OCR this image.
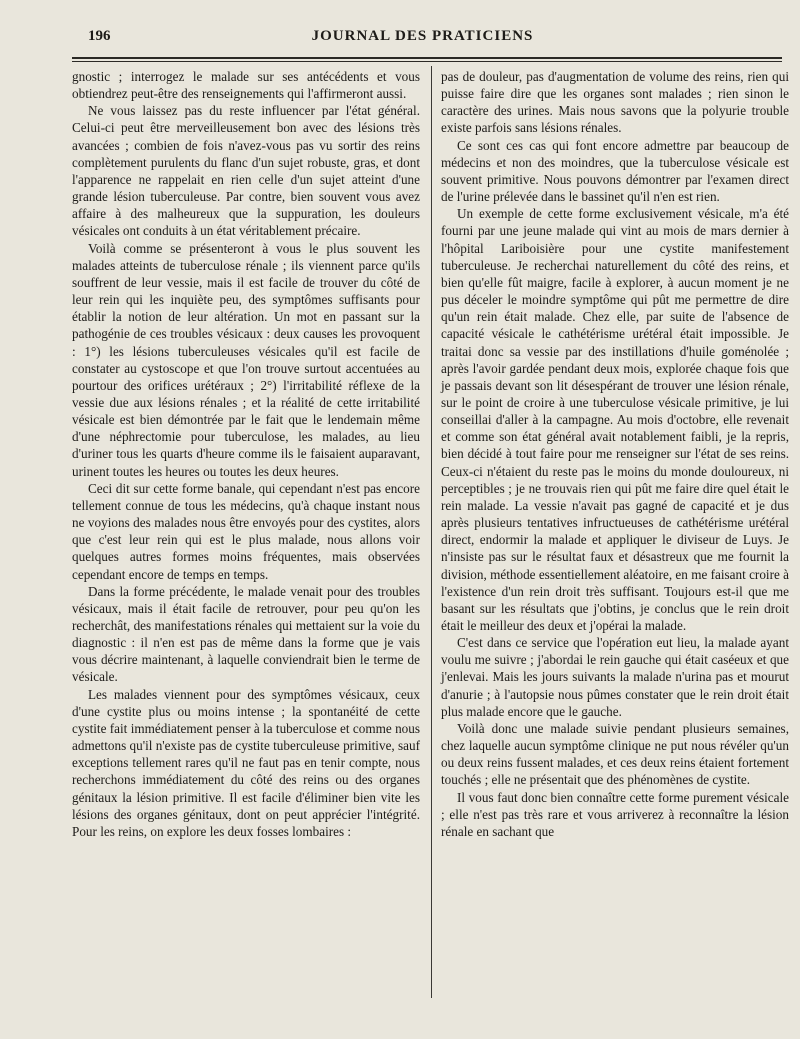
196	JOURNAL DES PRATICIENS

gnostic ; interrogez le malade sur ses antécédents et vous obtiendrez peut-être des renseignements qui l'affirmeront aussi.

Ne vous laissez pas du reste influencer par l'état général. Celui-ci peut être merveilleusement bon avec des lésions très avancées ; combien de fois n'avez-vous pas vu sortir des reins complètement purulents du flanc d'un sujet robuste, gras, et dont l'apparence ne rappelait en rien celle d'un sujet atteint d'une grande lésion tuberculeuse. Par contre, bien souvent vous avez affaire à des malheureux que la suppuration, les douleurs vésicales ont conduits à un état véritablement précaire.

Voilà comme se présenteront à vous le plus souvent les malades atteints de tuberculose rénale ; ils viennent parce qu'ils souffrent de leur vessie, mais il est facile de trouver du côté de leur rein qui les inquiète peu, des symptômes suffisants pour établir la notion de leur altération. Un mot en passant sur la pathogénie de ces troubles vésicaux : deux causes les provoquent : 1°) les lésions tuberculeuses vésicales qu'il est facile de constater au cystoscope et que l'on trouve surtout accentuées au pourtour des orifices urétéraux ; 2°) l'irritabilité réflexe de la vessie due aux lésions rénales ; et la réalité de cette irritabilité vésicale est bien démontrée par le fait que le lendemain même d'une néphrectomie pour tuberculose, les malades, au lieu d'uriner tous les quarts d'heure comme ils le faisaient auparavant, urinent toutes les heures ou toutes les deux heures.

Ceci dit sur cette forme banale, qui cependant n'est pas encore tellement connue de tous les médecins, qu'à chaque instant nous ne voyions des malades nous être envoyés pour des cystites, alors que c'est leur rein qui est le plus malade, nous allons voir quelques autres formes moins fréquentes, mais observées cependant encore de temps en temps.

Dans la forme précédente, le malade venait pour des troubles vésicaux, mais il était facile de retrouver, pour peu qu'on les recherchât, des manifestations rénales qui mettaient sur la voie du diagnostic : il n'en est pas de même dans la forme que je vais vous décrire maintenant, à laquelle conviendrait bien le terme de vésicale.

Les malades viennent pour des symptômes vésicaux, ceux d'une cystite plus ou moins intense ; la spontanéité de cette cystite fait immédiatement penser à la tuberculose et comme nous admettons qu'il n'existe pas de cystite tuberculeuse primitive, sauf exceptions tellement rares qu'il ne faut pas en tenir compte, nous recherchons immédiatement du côté des reins ou des organes génitaux la lésion primitive. Il est facile d'éliminer bien vite les lésions des organes génitaux, dont on peut apprécier l'intégrité. Pour les reins, on explore les deux fosses lombaires :

pas de douleur, pas d'augmentation de volume des reins, rien qui puisse faire dire que les organes sont malades ; rien sinon le caractère des urines. Mais nous savons que la polyurie trouble existe parfois sans lésions rénales.

Ce sont ces cas qui font encore admettre par beaucoup de médecins et non des moindres, que la tuberculose vésicale est souvent primitive. Nous pouvons démontrer par l'examen direct de l'urine prélevée dans le bassinet qu'il n'en est rien.

Un exemple de cette forme exclusivement vésicale, m'a été fourni par une jeune malade qui vint au mois de mars dernier à l'hôpital Lariboisière pour une cystite manifestement tuberculeuse. Je recherchai naturellement du côté des reins, et bien qu'elle fût maigre, facile à explorer, à aucun moment je ne pus déceler le moindre symptôme qui pût me permettre de dire qu'un rein était malade. Chez elle, par suite de l'absence de capacité vésicale le cathétérisme urétéral était impossible. Je traitai donc sa vessie par des instillations d'huile goménolée ; après l'avoir gardée pendant deux mois, explorée chaque fois que je passais devant son lit désespérant de trouver une lésion rénale, sur le point de croire à une tuberculose vésicale primitive, je lui conseillai d'aller à la campagne. Au mois d'octobre, elle revenait et comme son état général avait notablement faibli, je la repris, bien décidé à tout faire pour me renseigner sur l'état de ses reins. Ceux-ci n'étaient du reste pas le moins du monde douloureux, ni perceptibles ; je ne trouvais rien qui pût me faire dire quel était le rein malade. La vessie n'avait pas gagné de capacité et je dus après plusieurs tentatives infructueuses de cathétérisme urétéral direct, endormir la malade et appliquer le diviseur de Luys. Je n'insiste pas sur le résultat faux et désastreux que me fournit la division, méthode essentiellement aléatoire, en me faisant croire à l'existence d'un rein droit très suffisant. Toujours est-il que me basant sur les résultats que j'obtins, je conclus que le rein droit était le meilleur des deux et j'opérai la malade.

C'est dans ce service que l'opération eut lieu, la malade ayant voulu me suivre ; j'abordai le rein gauche qui était caséeux et que j'enlevai. Mais les jours suivants la malade n'urina pas et mourut d'anurie ; à l'autopsie nous pûmes constater que le rein droit était plus malade encore que le gauche.

Voilà donc une malade suivie pendant plusieurs semaines, chez laquelle aucun symptôme clinique ne put nous révéler qu'un ou deux reins fussent malades, et ces deux reins étaient fortement touchés ; elle ne présentait que des phénomènes de cystite.

Il vous faut donc bien connaître cette forme purement vésicale ; elle n'est pas très rare et vous arriverez à reconnaître la lésion rénale en sachant que
